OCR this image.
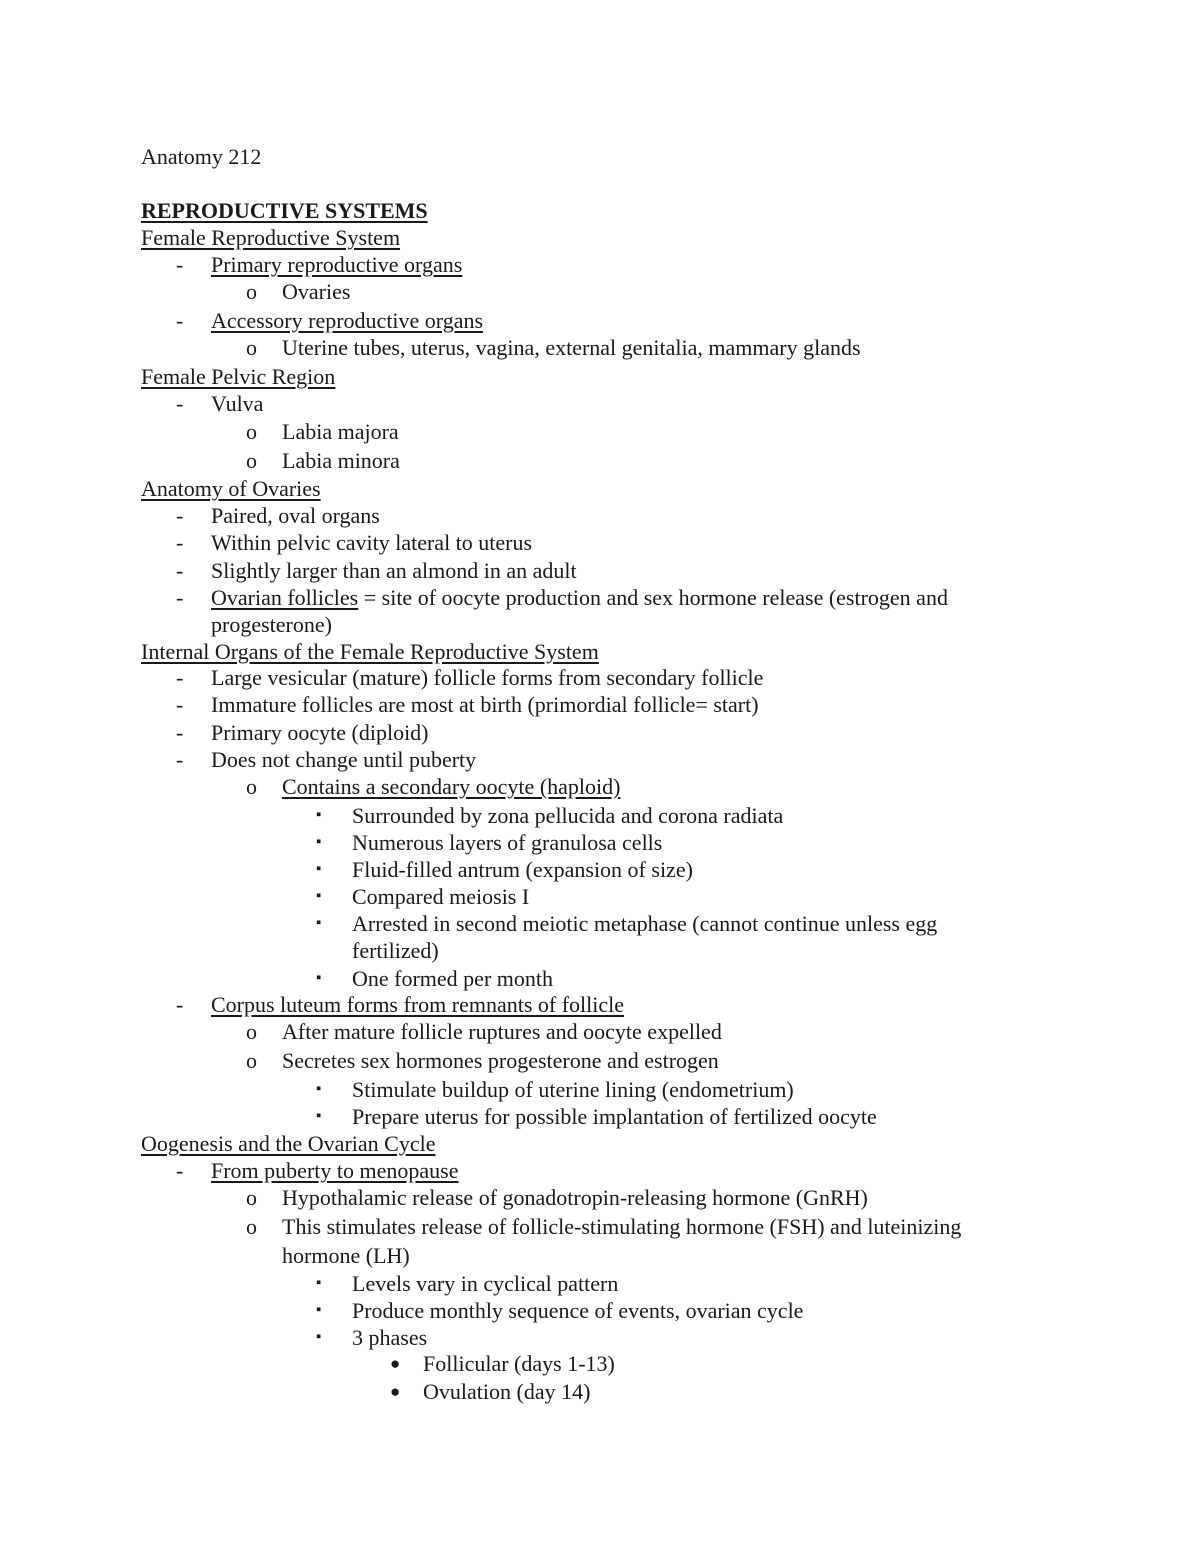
Anatomy 212
REPRODUCTIVE SYSTEMS
Female Reproductive System
- Primary reproductive organs
o Ovaries
- Accessory reproductive organs
o Uterine tubes, uterus, vagina, external genitalia, mammary glands
Female Pelvic Region
- Vulva
o Labia majora
o Labia minora
Anatomy of Ovaries
- Paired, oval organs
- Within pelvic cavity lateral to uterus
- Slightly larger than an almond in an adult
- Ovarian follicles = site of oocyte production and sex hormone release (estrogen and
progesterone)
Internal Organs of the Female Reproductive System
- Large vesicular (mature) follicle forms from secondary follicle
- Immature follicles are most at birth (primordial follicle= start)
- Primary oocyte (diploid)
- Does not change until puberty
o Contains a secondary oocyte (haploid)
▪ Surrounded by zona pellucida and corona radiata
▪ Numerous layers of granulosa cells
▪ Fluid-filled antrum (expansion of size)
▪ Compared meiosis I
▪ Arrested in second meiotic metaphase (cannot continue unless egg
fertilized)
▪ One formed per month
- Corpus luteum forms from remnants of follicle
o After mature follicle ruptures and oocyte expelled
o Secretes sex hormones progesterone and estrogen
▪ Stimulate buildup of uterine lining (endometrium)
▪ Prepare uterus for possible implantation of fertilized oocyte
Oogenesis and the Ovarian Cycle
- From puberty to menopause
o Hypothalamic release of gonadotropin-releasing hormone (GnRH)
o This stimulates release of follicle-stimulating hormone (FSH) and luteinizing
hormone (LH)
▪ Levels vary in cyclical pattern
▪ Produce monthly sequence of events, ovarian cycle
▪ 3 phases
● Follicular (days 1-13)
● Ovulation (day 14)
